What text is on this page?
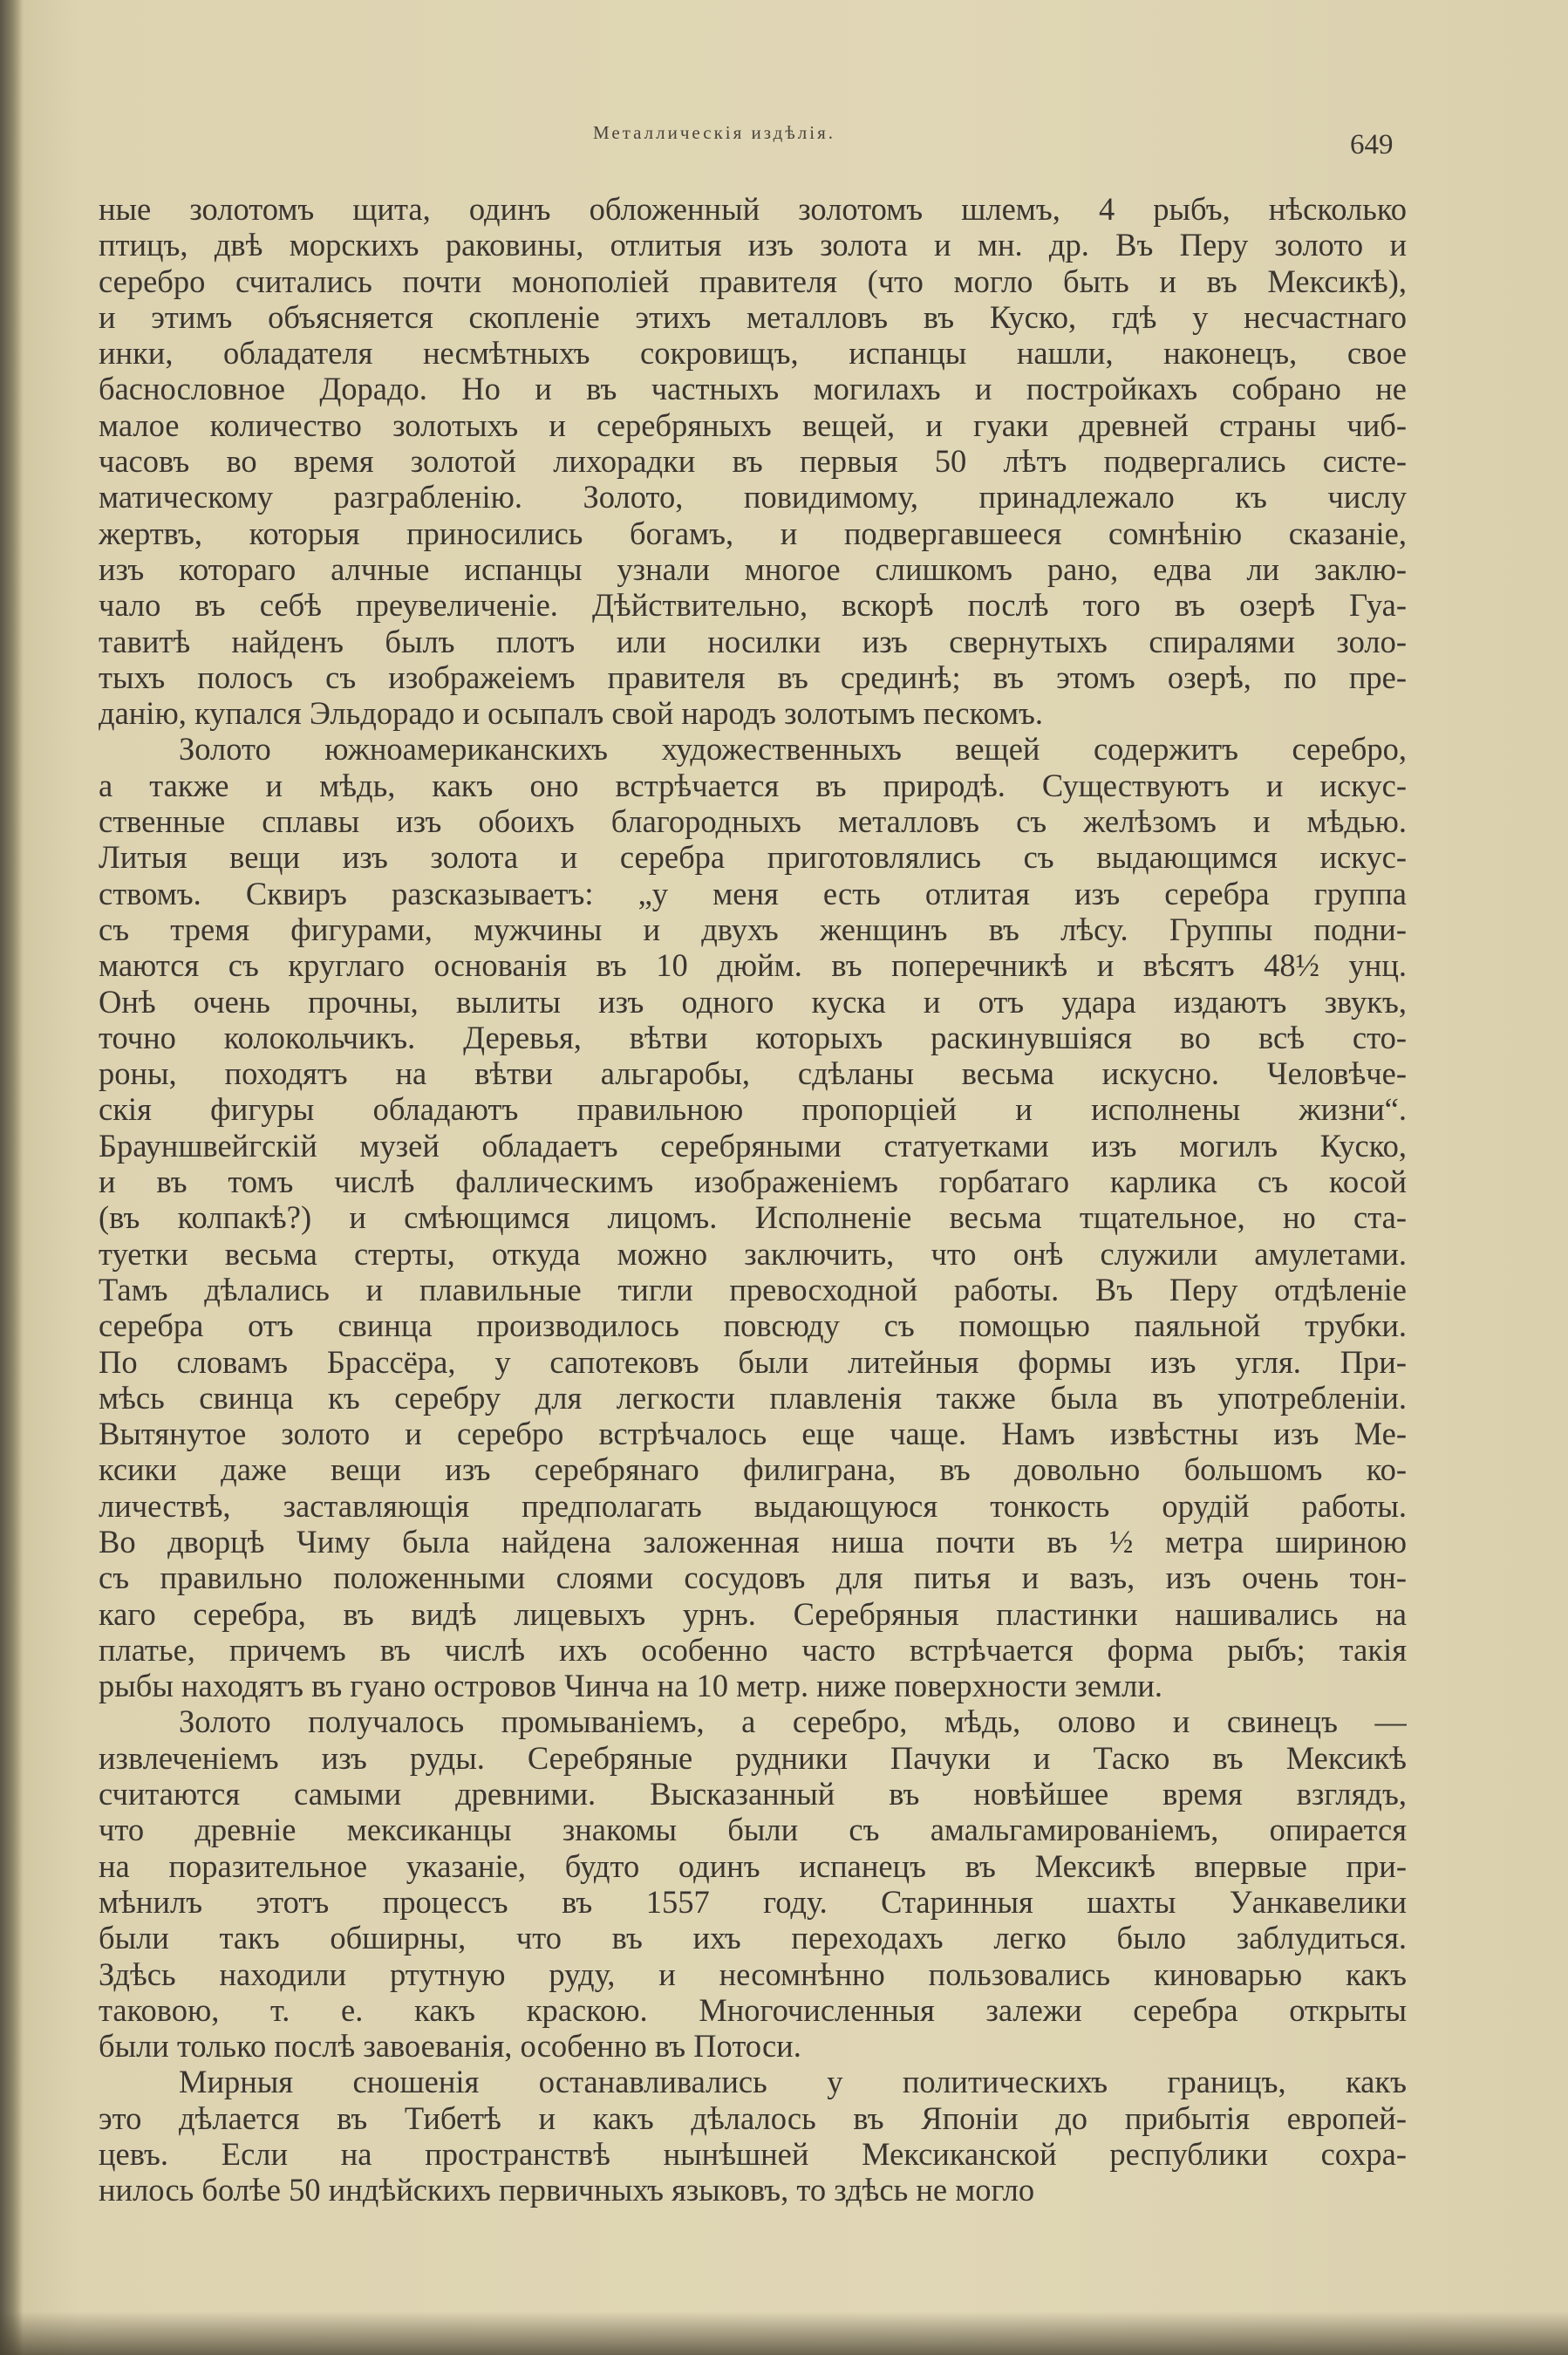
Металлическія издѣлія.	649
ные золотомъ щита, одинъ обложенный золотомъ шлемъ, 4 рыбъ, нѣсколько
птицъ, двѣ морскихъ раковины, отлитыя изъ золота и мн. др. Въ Перу золото и
серебро считались почти монополіей правителя (что могло быть и въ Мексикѣ),
и этимъ объясняется скопленіе этихъ металловъ въ Куско, гдѣ у несчастнаго
инки, обладателя несмѣтныхъ сокровищъ, испанцы нашли, наконецъ, свое
баснословное Дорадо. Но и въ частныхъ могилахъ и постройкахъ собрано не
малое количество золотыхъ и серебряныхъ вещей, и гуаки древней страны чиб-
часовъ во время золотой лихорадки въ первыя 50 лѣтъ подвергались систе-
матическому разграбленію. Золото, повидимому, принадлежало къ числу
жертвъ, которыя приносились богамъ, и подвергавшееся сомнѣнію сказаніе,
изъ котораго алчные испанцы узнали многое слишкомъ рано, едва ли заклю-
чало въ себѣ преувеличеніе. Дѣйствительно, вскорѣ послѣ того въ озерѣ Гуа-
тавитѣ найденъ былъ плотъ или носилки изъ свернутыхъ спиралями золо-
тыхъ полосъ съ изображеіемъ правителя въ срединѣ; въ этомъ озерѣ, по пре-
данію, купался Эльдорадо и осыпалъ свой народъ золотымъ пескомъ.
Золото южноамериканскихъ художественныхъ вещей содержитъ серебро,
а также и мѣдь, какъ оно встрѣчается въ природѣ. Существуютъ и искус-
ственные сплавы изъ обоихъ благородныхъ металловъ съ желѣзомъ и мѣдью.
Литыя вещи изъ золота и серебра приготовлялись съ выдающимся искус-
ствомъ. Сквиръ разсказываетъ: „у меня есть отлитая изъ серебра группа
съ тремя фигурами, мужчины и двухъ женщинъ въ лѣсу. Группы подни-
маются съ круглаго основанія въ 10 дюйм. въ поперечникѣ и вѣсятъ 48½ унц.
Онѣ очень прочны, вылиты изъ одного куска и отъ удара издаютъ звукъ,
точно колокольчикъ. Деревья, вѣтви которыхъ раскинувшіяся во всѣ сто-
роны, походятъ на вѣтви альгаробы, сдѣланы весьма искусно. Человѣче-
скія фигуры обладаютъ правильною пропорціей и исполнены жизни“.
Брауншвейгскій музей обладаетъ серебряными статуетками изъ могилъ Куско,
и въ томъ числѣ фаллическимъ изображеніемъ горбатаго карлика съ косой
(въ колпакѣ?) и смѣющимся лицомъ. Исполненіе весьма тщательное, но ста-
туетки весьма стерты, откуда можно заключить, что онѣ служили амулетами.
Тамъ дѣлались и плавильные тигли превосходной работы. Въ Перу отдѣленіе
серебра отъ свинца производилось повсюду съ помощью паяльной трубки.
По словамъ Брассёра, у сапотековъ были литейныя формы изъ угля. При-
мѣсь свинца къ серебру для легкости плавленія также была въ употребленіи.
Вытянутое золото и серебро встрѣчалось еще чаще. Намъ извѣстны изъ Ме-
ксики даже вещи изъ серебрянаго филиграна, въ довольно большомъ ко-
личествѣ, заставляющія предполагать выдающуюся тонкость орудій работы.
Во дворцѣ Чиму была найдена заложенная ниша почти въ ½ метра шириною
съ правильно положенными слоями сосудовъ для питья и вазъ, изъ очень тон-
каго серебра, въ видѣ лицевыхъ урнъ. Серебряныя пластинки нашивались на
платье, причемъ въ числѣ ихъ особенно часто встрѣчается форма рыбъ; такія
рыбы находятъ въ гуано островов Чинча на 10 метр. ниже поверхности земли.
Золото получалось промываніемъ, а серебро, мѣдь, олово и свинецъ —
извлеченіемъ изъ руды. Серебряные рудники Пачуки и Таско въ Мексикѣ
считаются самыми древними. Высказанный въ новѣйшее время взглядъ,
что древніе мексиканцы знакомы были съ амальгамированіемъ, опирается
на поразительное указаніе, будто одинъ испанецъ въ Мексикѣ впервые при-
мѣнилъ этотъ процессъ въ 1557 году. Старинныя шахты Уанкавелики
были такъ обширны, что въ ихъ переходахъ легко было заблудиться.
Здѣсь находили ртутную руду, и несомнѣнно пользовались киноварью какъ
таковою, т. е. какъ краскою. Многочисленныя залежи серебра открыты
были только послѣ завоеванія, особенно въ Потоси.
Мирныя сношенія останавливались у политическихъ границъ, какъ
это дѣлается въ Тибетѣ и какъ дѣлалось въ Японіи до прибытія европей-
цевъ. Если на пространствѣ нынѣшней Мексиканской республики сохра-
нилось болѣе 50 индѣйскихъ первичныхъ языковъ, то здѣсь не могло
